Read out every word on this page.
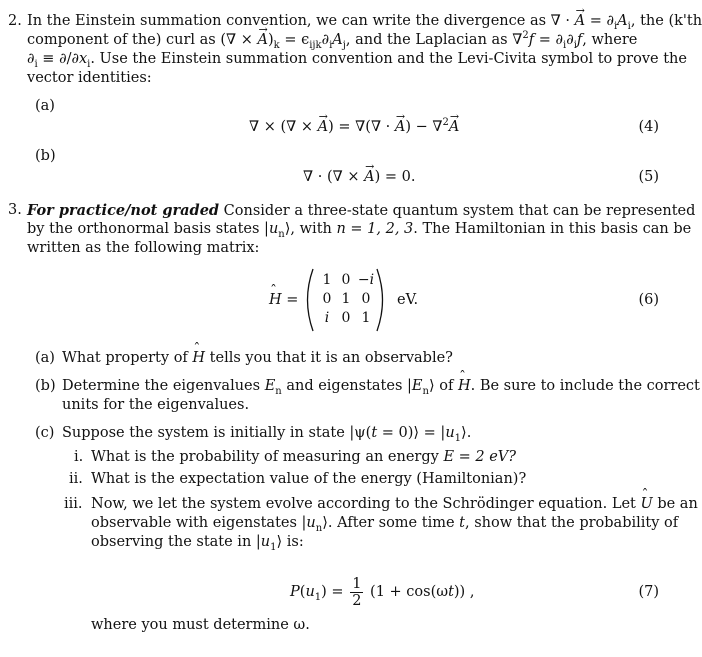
2. In the Einstein summation convention, we can write the divergence as ∇ · → $A = \partial_iA_i$, the (k'th
component of the) curl as (∇ × → $A)_k = \epsilon_{ijk}\partial_iA_j$, and the Laplacian as $\nabla^2f = \partial_i\partial_if$, where
$\partial_i \equiv \partial/\partial x_i$. Use the Einstein summation convention and the Levi-Civita symbol to prove the
vector identities:
(a)
∇ × (∇ × → A) = ∇(∇ · → A) − ∇$^2$→ A	(4)
(b)
∇ · (∇ × → A) = 0.	(5)
3. For practice/not graded Consider a three-state quantum system that can be represented
by the orthonormal basis states $|u_n⟩$, with n = 1, 2, 3. The Hamiltonian in this basis can be
written as the following matrix:
ˆ H =
1 0 −i
0 1 0
i 0 1
eV.	(6)
(a) What property of ˆ H tells you that it is an observable?
(b) Determine the eigenvalues $E_n$ and eigenstates $|E_n⟩$ of ˆ H. Be sure to include the correct
units for the eigenvalues.
(c) Suppose the system is initially in state |ψ(t = 0)⟩ = $|u_1⟩$.
i. What is the probability of measuring an energy E = 2 eV?
ii. What is the expectation value of the energy (Hamiltonian)?
iii. Now, we let the system evolve according to the Schrödinger equation. Let ˆ U be an
observable with eigenstates $|u_n⟩$. After some time t, show that the probability of
observing the state in $|u_1⟩$ is:
$P(u_1) = \frac{1}{2} (1 + \cos(\omega t))$ ,	(7)
where you must determine ω.
